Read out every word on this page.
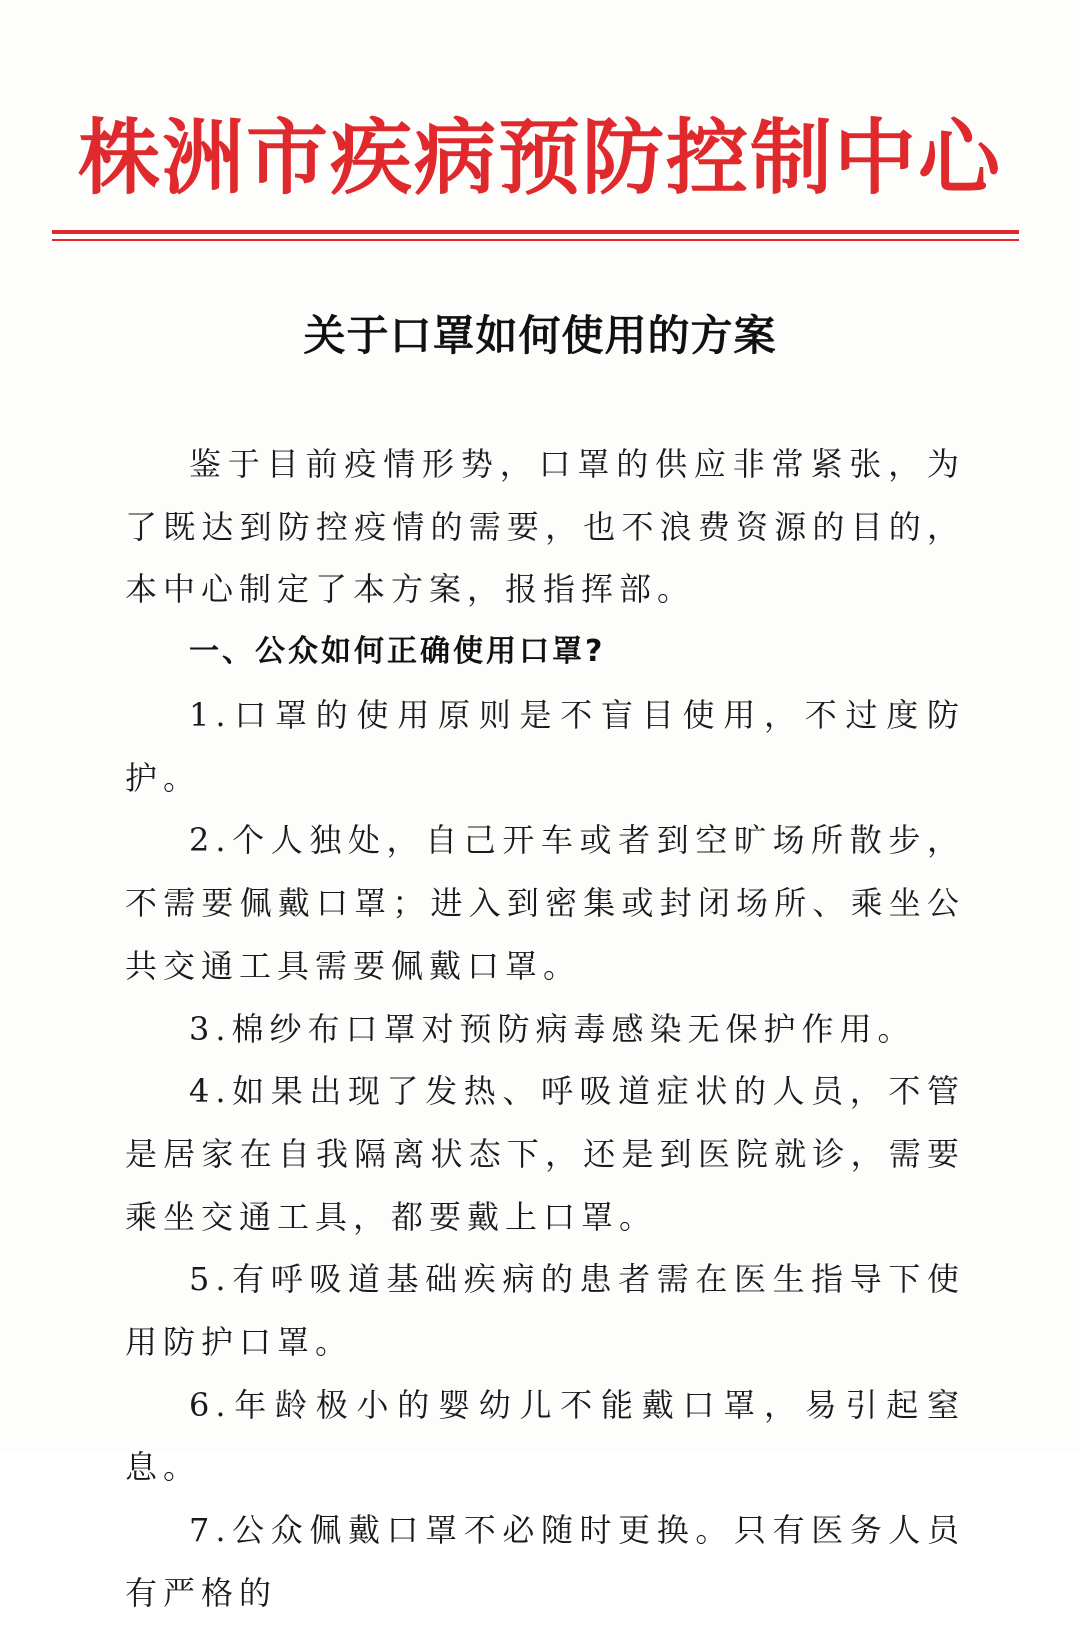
株洲市疾病预防控制中心
关于口罩如何使用的方案

鉴于目前疫情形势，口罩的供应非常紧张，为了既达到防控疫情的需要，也不浪费资源的目的，本中心制定了本方案，报指挥部。

一、公众如何正确使用口罩?

1.口罩的使用原则是不盲目使用，不过度防护。

2.个人独处，自己开车或者到空旷场所散步，不需要佩戴口罩；进入到密集或封闭场所、乘坐公共交通工具需要佩戴口罩。

3.棉纱布口罩对预防病毒感染无保护作用。

4.如果出现了发热、呼吸道症状的人员，不管是居家在自我隔离状态下，还是到医院就诊，需要乘坐交通工具，都要戴上口罩。

5.有呼吸道基础疾病的患者需在医生指导下使用防护口罩。

6.年龄极小的婴幼儿不能戴口罩，易引起窒息。

7.公众佩戴口罩不必随时更换。只有医务人员有严格的
